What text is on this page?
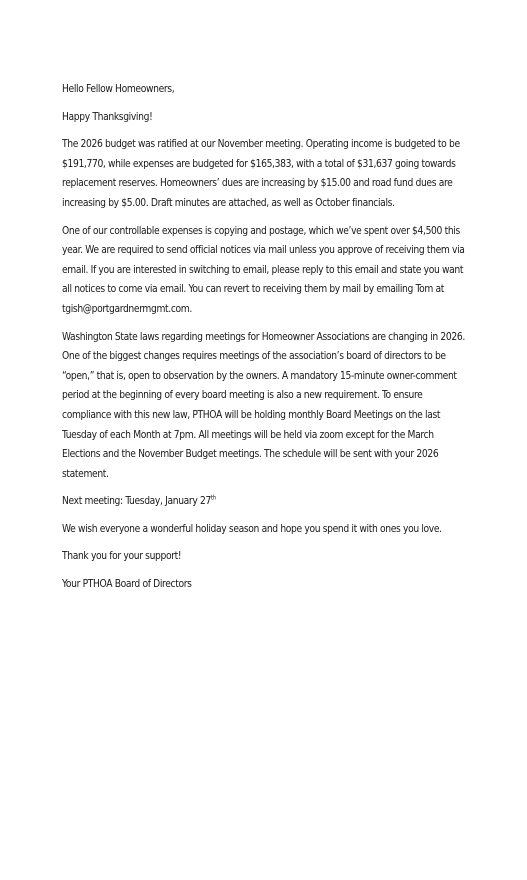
Hello Fellow Homeowners,

Happy Thanksgiving!

The 2026 budget was ratified at our November meeting. Operating income is budgeted to be $191,770, while expenses are budgeted for $165,383, with a total of $31,637 going towards replacement reserves. Homeowners’ dues are increasing by $15.00 and road fund dues are increasing by $5.00. Draft minutes are attached, as well as October financials.

One of our controllable expenses is copying and postage, which we’ve spent over $4,500 this year. We are required to send official notices via mail unless you approve of receiving them via email. If you are interested in switching to email, please reply to this email and state you want all notices to come via email. You can revert to receiving them by mail by emailing Tom at tgish@portgardnermgmt.com.

Washington State laws regarding meetings for Homeowner Associations are changing in 2026. One of the biggest changes requires meetings of the association’s board of directors to be “open,” that is, open to observation by the owners. A mandatory 15-minute owner-comment period at the beginning of every board meeting is also a new requirement. To ensure compliance with this new law, PTHOA will be holding monthly Board Meetings on the last Tuesday of each Month at 7pm. All meetings will be held via zoom except for the March Elections and the November Budget meetings. The schedule will be sent with your 2026 statement.

Next meeting: Tuesday, January 27th

We wish everyone a wonderful holiday season and hope you spend it with ones you love.

Thank you for your support!

Your PTHOA Board of Directors
